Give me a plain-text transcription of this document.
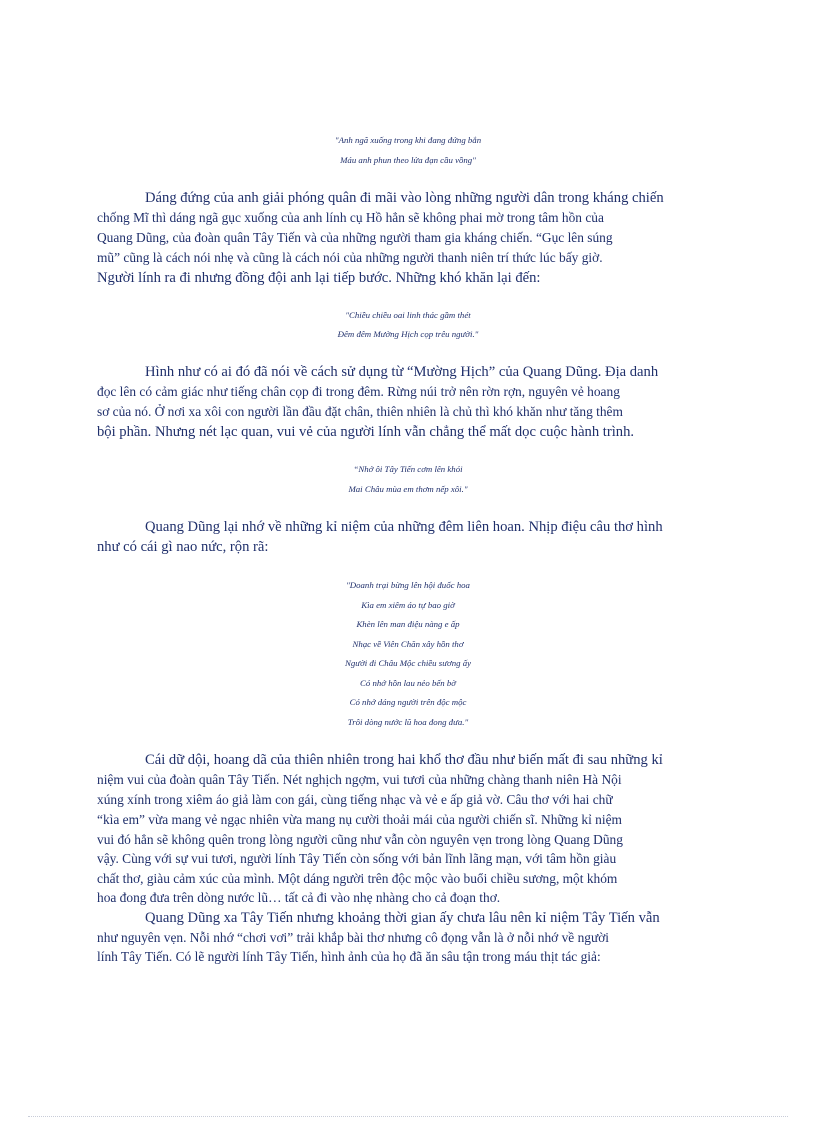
"Anh ngã xuống trong khi đang đứng bắn
Máu anh phun theo lửa đạn cầu vồng"
Dáng đứng của anh giải phóng quân đi mãi vào lòng những người dân trong kháng chiến
chống Mĩ thì dáng ngã gục xuống của anh lính cụ Hồ hẳn sẽ không phai mờ trong tâm hồn của
Quang Dũng, của đoàn quân Tây Tiến và của những người tham gia kháng chiến. “Gục lên súng
mũ” cũng là cách nói nhẹ và cũng là cách nói của những người thanh niên trí thức lúc bấy giờ.
Người lính ra đi nhưng đồng đội anh lại tiếp bước. Những khó khăn lại đến:
"Chiều chiều oai linh thác gầm thét
Đêm đêm Mường Hịch cọp trêu người."
Hình như có ai đó đã nói về cách sử dụng từ “Mường Hịch” của Quang Dũng. Địa danh
đọc lên có cảm giác như tiếng chân cọp đi trong đêm. Rừng núi trở nên rờn rợn, nguyên vẻ hoang
sơ của nó. Ở nơi xa xôi con người lần đầu đặt chân, thiên nhiên là chủ thì khó khăn như tăng thêm
bội phần. Nhưng nét lạc quan, vui vẻ của người lính vẫn chẳng thể mất dọc cuộc hành trình.
“Nhớ ôi Tây Tiến cơm lên khói
Mai Châu mùa em thơm nếp xôi."
Quang Dũng lại nhớ về những kỉ niệm của những đêm liên hoan. Nhịp điệu câu thơ hình
như có cái gì nao nức, rộn rã:
"Doanh trại bừng lên hội đuốc hoa
Kìa em xiêm áo tự bao giờ
Khèn lên man điệu nàng e ấp
Nhạc về Viên Chăn xây hồn thơ
Người đi Châu Mộc chiều sương ấy
Có nhớ hồn lau nẻo bến bờ
Có nhớ dáng người trên độc mộc
Trôi dòng nước lũ hoa đong đưa."
Cái dữ dội, hoang dã của thiên nhiên trong hai khổ thơ đầu như biến mất đi sau những kỉ
niệm vui của đoàn quân Tây Tiến. Nét nghịch ngợm, vui tươi của những chàng thanh niên Hà Nội
xúng xính trong xiêm áo giả làm con gái, cùng tiếng nhạc và vẻ e ấp giả vờ. Câu thơ với hai chữ
“kìa em” vừa mang vẻ ngạc nhiên vừa mang nụ cười thoải mái của người chiến sĩ. Những kỉ niệm
vui đó hẳn sẽ không quên trong lòng người cũng như vẫn còn nguyên vẹn trong lòng Quang Dũng
vậy. Cùng với sự vui tươi, người lính Tây Tiến còn sống với bản lĩnh lãng mạn, với tâm hồn giàu
chất thơ, giàu cảm xúc của mình. Một dáng người trên độc mộc vào buổi chiều sương, một khóm
hoa đong đưa trên dòng nước lũ… tất cả đi vào nhẹ nhàng cho cả đoạn thơ.
Quang Dũng xa Tây Tiến nhưng khoảng thời gian ấy chưa lâu nên kỉ niệm Tây Tiến vẫn
như nguyên vẹn. Nỗi nhớ “chơi vơi” trải khắp bài thơ nhưng cô đọng vẫn là ở nỗi nhớ về người
lính Tây Tiến. Có lẽ người lính Tây Tiến, hình ảnh của họ đã ăn sâu tận trong máu thịt tác giả:
